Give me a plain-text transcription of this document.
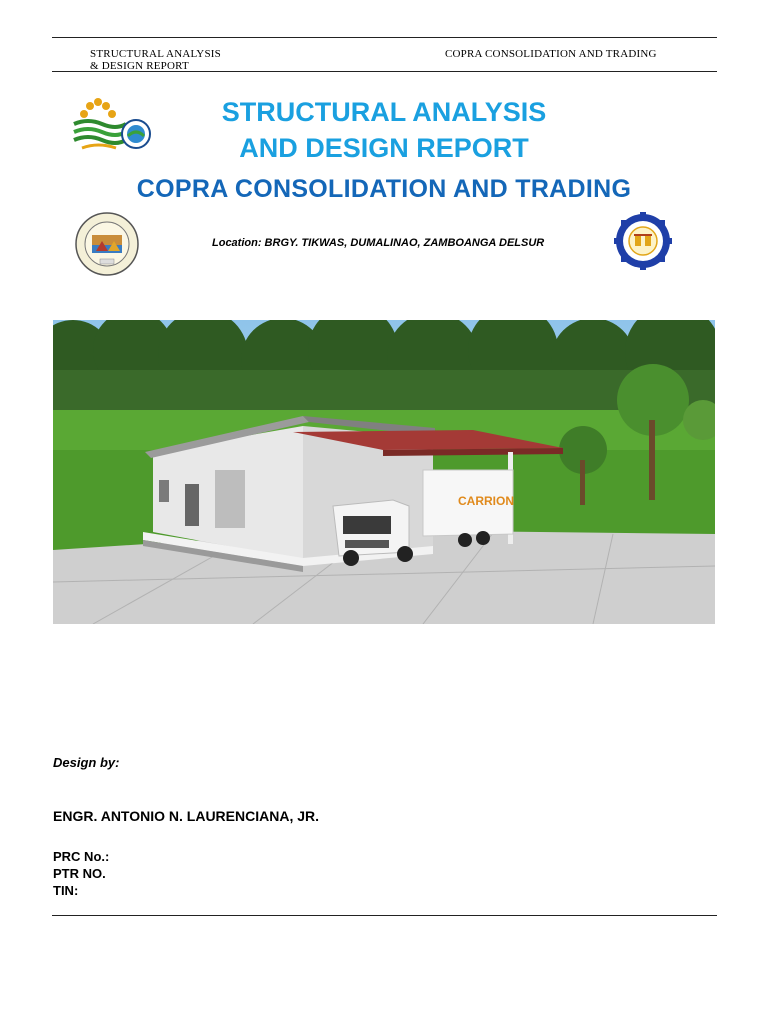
STRUCTURAL ANALYSIS
& DESIGN REPORT
COPRA CONSOLIDATION AND TRADING
STRUCTURAL ANALYSIS
AND DESIGN REPORT
COPRA CONSOLIDATION AND TRADING
Location: BRGY. TIKWAS, DUMALINAO, ZAMBOANGA DELSUR
CARRION
Design by:
ENGR. ANTONIO N. LAURENCIANA, JR.
PRC No.:
PTR NO.
TIN:
